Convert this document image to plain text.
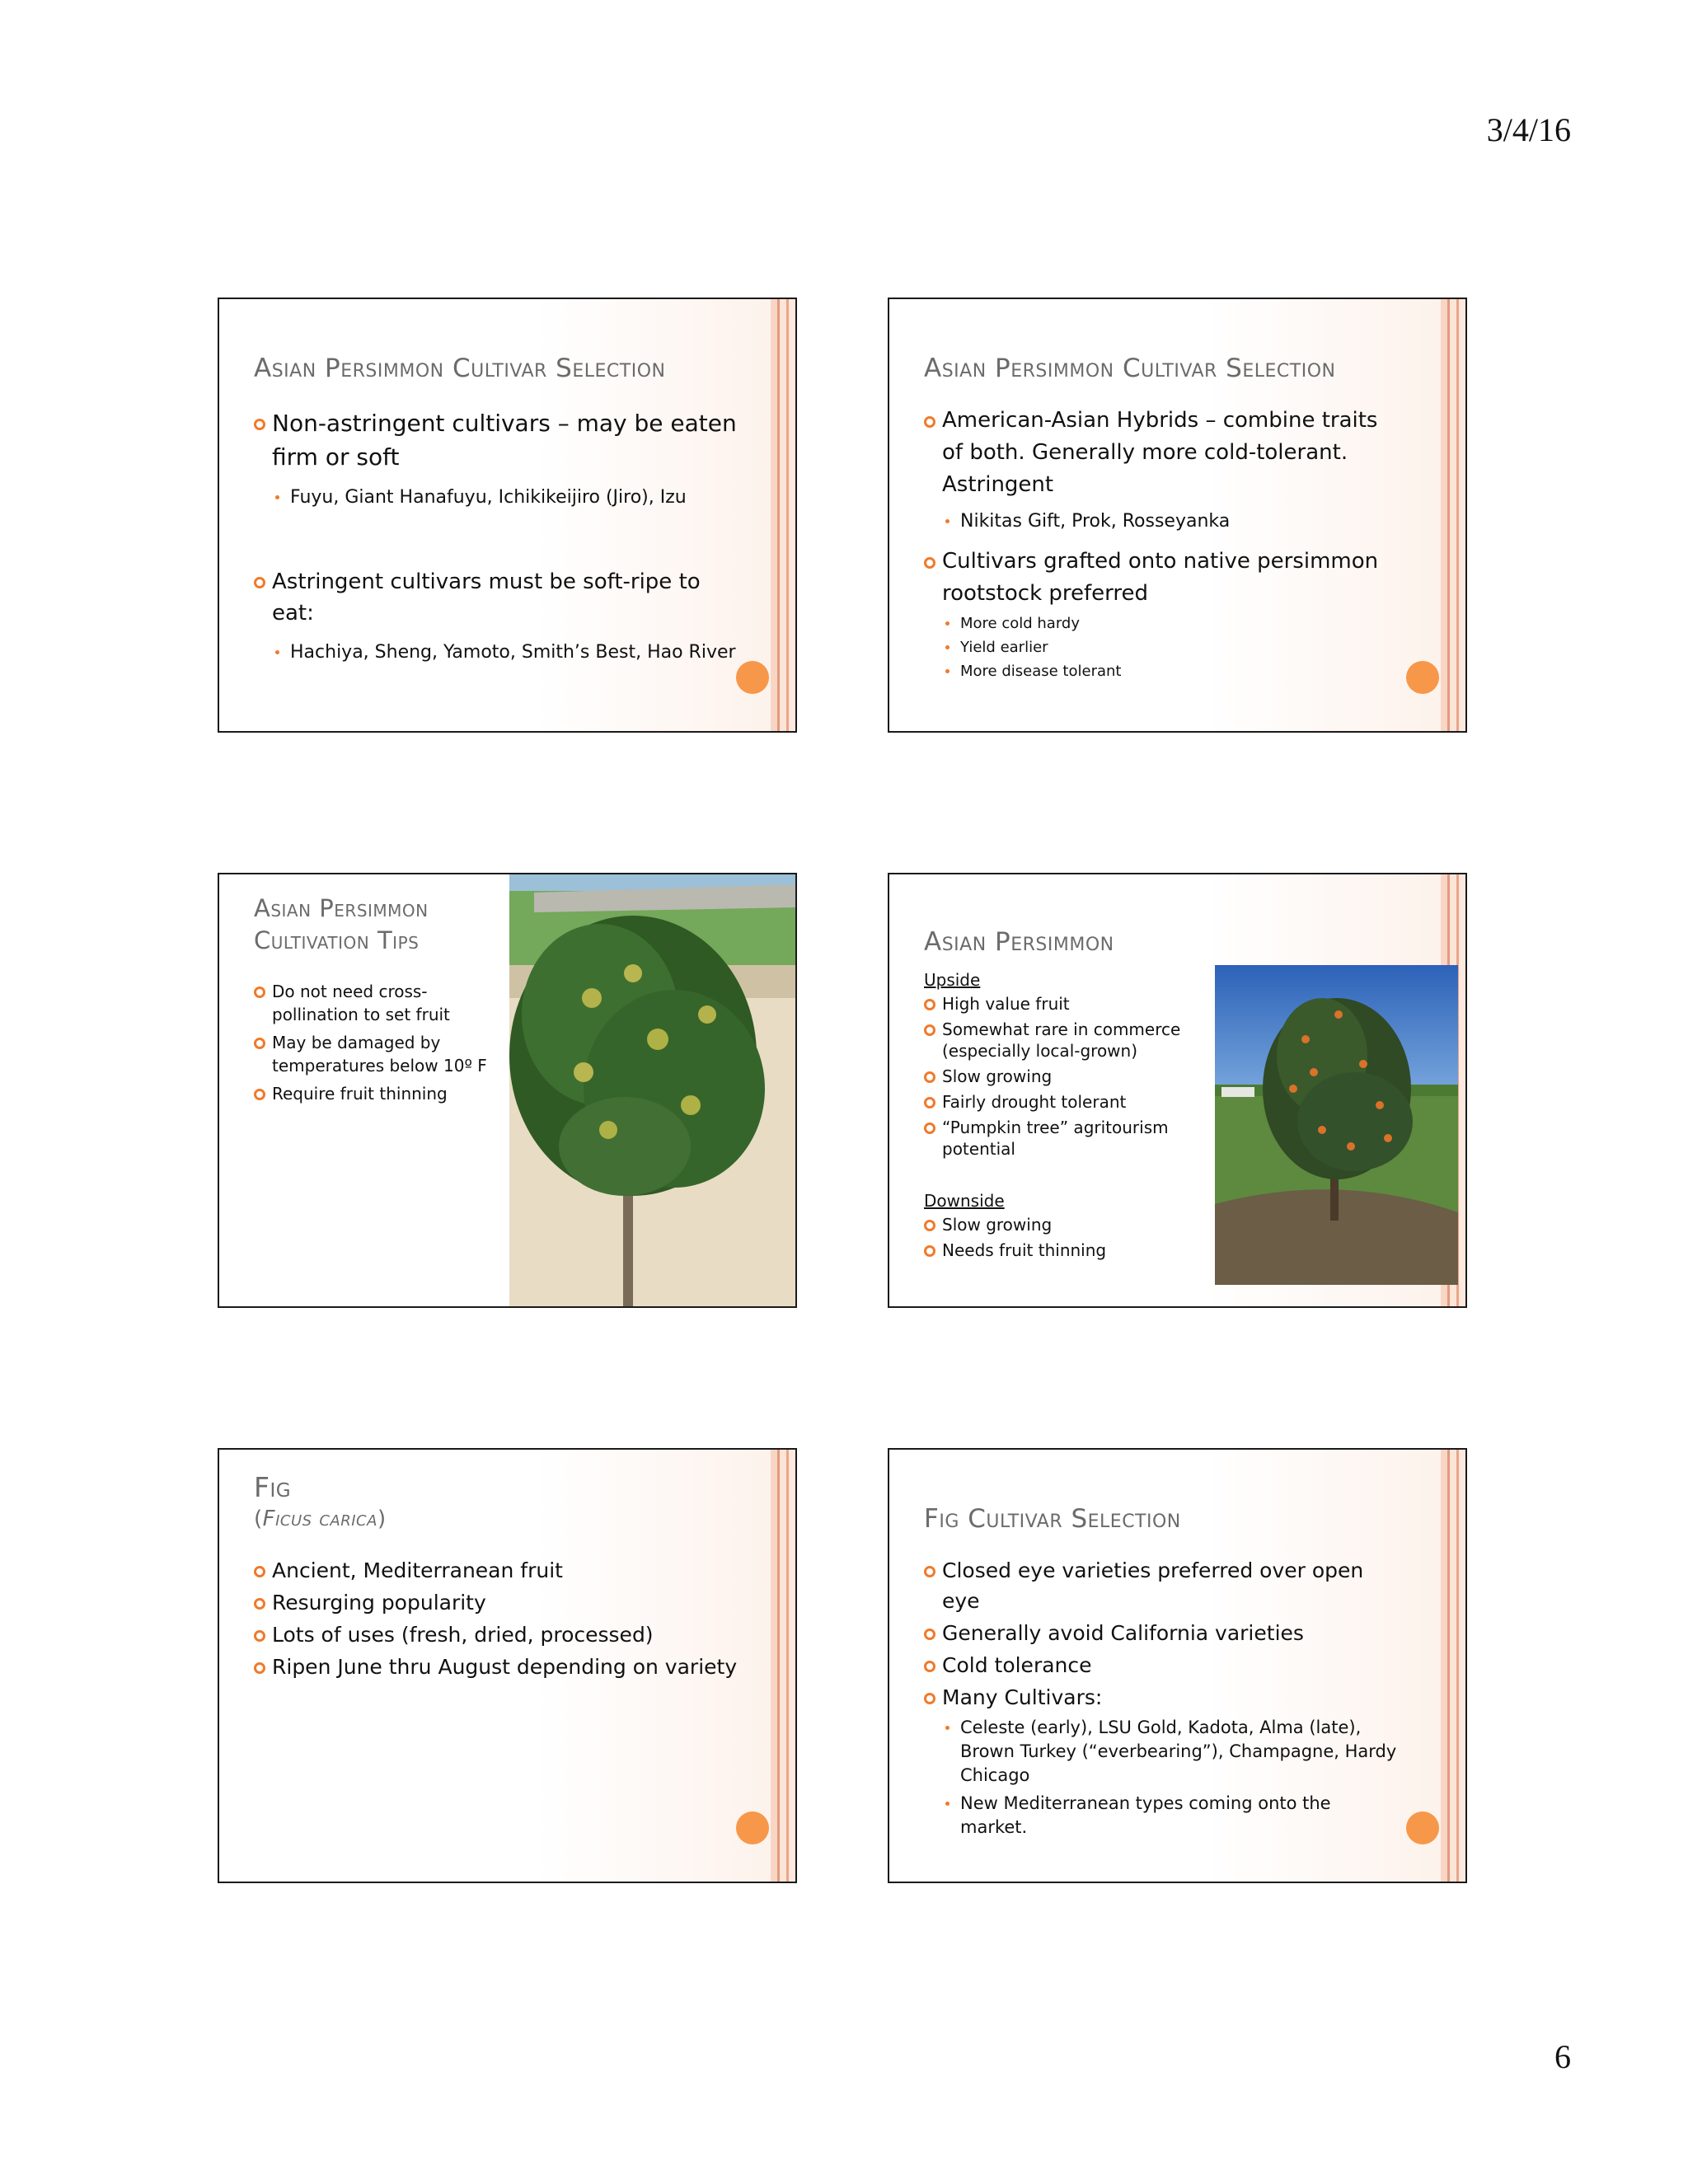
3/4/16
Asian Persimmon Cultivar Selection
Non-astringent cultivars – may be eaten firm or soft
Fuyu, Giant Hanafuyu, Ichikikeijiro (Jiro), Izu
Astringent cultivars must be soft-ripe to eat:
Hachiya, Sheng, Yamoto, Smith’s Best, Hao River
Asian Persimmon Cultivar Selection
American-Asian Hybrids – combine traits of both. Generally more cold-tolerant. Astringent
Nikitas Gift, Prok, Rosseyanka
Cultivars grafted onto native persimmon rootstock preferred
More cold hardy
Yield earlier
More disease tolerant
Asian Persimmon
Cultivation Tips
Do not need cross-pollination to set fruit
May be damaged by temperatures below 10º F
Require fruit thinning
Asian Persimmon
Upside
High value fruit
Somewhat rare in commerce (especially local-grown)
Slow growing
Fairly drought tolerant
“Pumpkin tree” agritourism potential
Downside
Slow growing
Needs fruit thinning
Fig
(Ficus carica)
Ancient, Mediterranean fruit
Resurging popularity
Lots of uses (fresh, dried, processed)
Ripen June thru August depending on variety
Fig Cultivar Selection
Closed eye varieties preferred over open eye
Generally avoid California varieties
Cold tolerance
Many Cultivars:
Celeste (early), LSU Gold, Kadota, Alma (late), Brown Turkey (“everbearing”), Champagne, Hardy Chicago
New Mediterranean types coming onto the market.
6
